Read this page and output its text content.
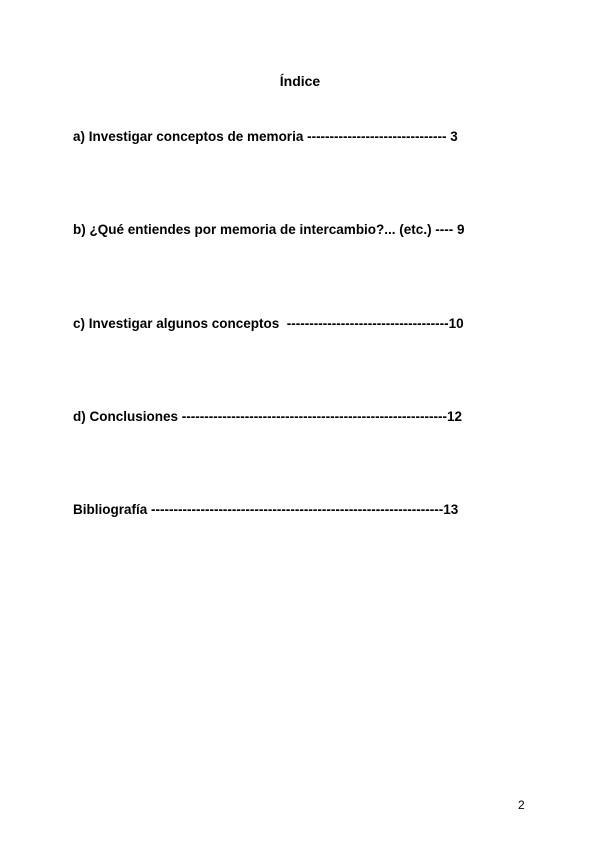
Índice
a) Investigar conceptos de memoria ------------------------------- 3
b) ¿Qué entiendes por memoria de intercambio?... (etc.) ---- 9
c) Investigar algunos conceptos  ------------------------------------10
d) Conclusiones -----------------------------------------------------------12
Bibliografía -----------------------------------------------------------------13
2
